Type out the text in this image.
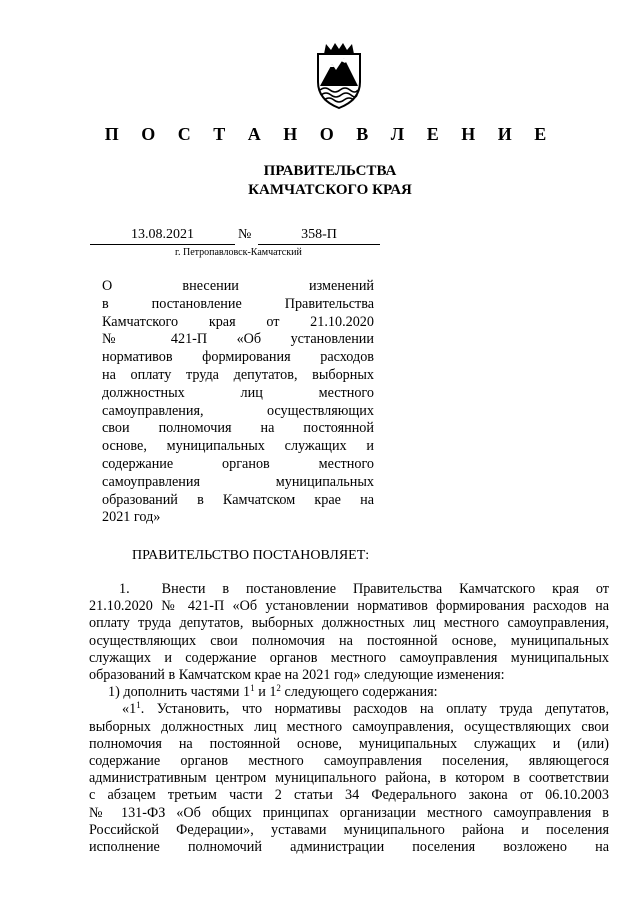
П О С Т А Н О В Л Е Н И Е
ПРАВИТЕЛЬСТВА
КАМЧАТСКОГО КРАЯ
13.08.2021	№	358-П
г. Петропавловск-Камчатский
О внесении изменений
в постановление Правительства
Камчатского края от 21.10.2020
№ 421-П «Об установлении
нормативов формирования расходов
на оплату труда депутатов, выборных
должностных лиц местного
самоуправления, осуществляющих
свои полномочия на постоянной
основе, муниципальных служащих и
содержание органов местного
самоуправления муниципальных
образований в Камчатском крае на
2021 год»
ПРАВИТЕЛЬСТВО ПОСТАНОВЛЯЕТ:
1. Внести в постановление Правительства Камчатского края от
21.10.2020 № 421-П «Об установлении нормативов формирования расходов на
оплату труда депутатов, выборных должностных лиц местного самоуправления,
осуществляющих свои полномочия на постоянной основе, муниципальных
служащих и содержание органов местного самоуправления муниципальных
образований в Камчатском крае на 2021 год» следующие изменения:
1) дополнить частями $1^1$ и $1^2$ следующего содержания:
«$1^1$. Установить, что нормативы расходов на оплату труда депутатов,
выборных должностных лиц местного самоуправления, осуществляющих свои
полномочия на постоянной основе, муниципальных служащих и (или)
содержание органов местного самоуправления поселения, являющегося
административным центром муниципального района, в котором в соответствии
с абзацем третьим части 2 статьи 34 Федерального закона от 06.10.2003
№ 131-ФЗ «Об общих принципах организации местного самоуправления в
Российской Федерации», уставами муниципального района и поселения
исполнение полномочий администрации поселения возложено на
